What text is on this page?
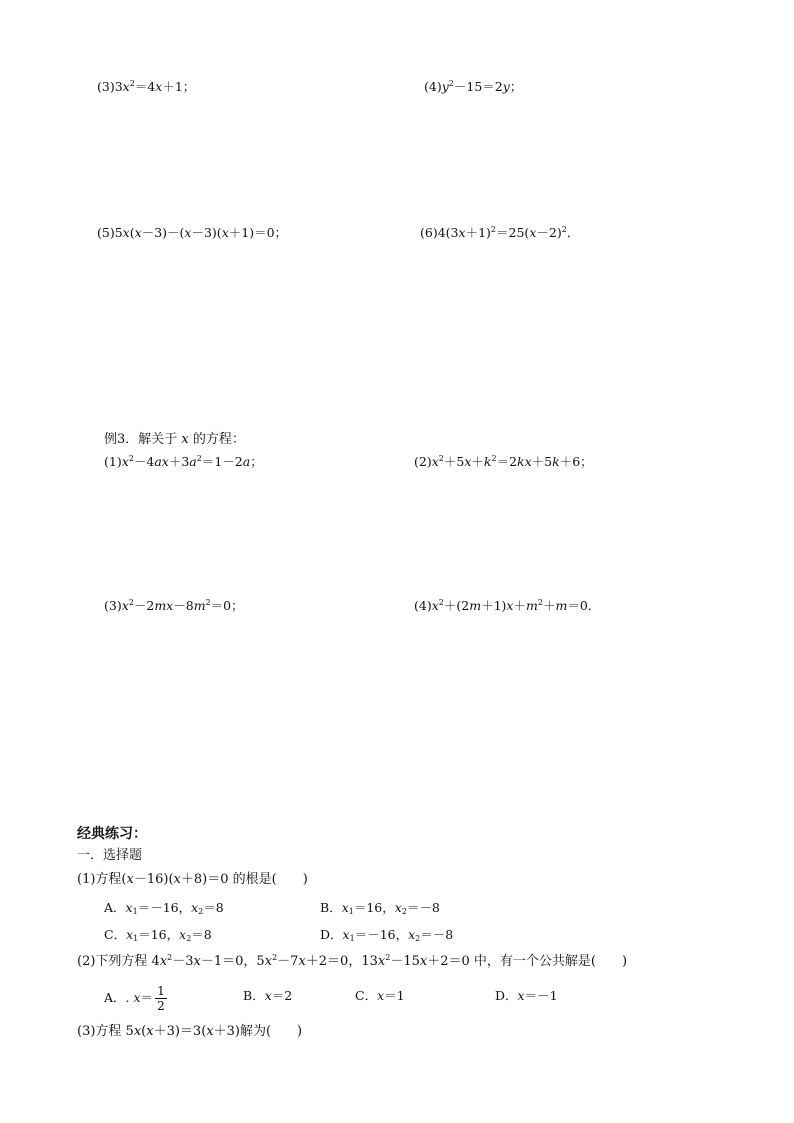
$(3)3x^2=4x+1$；	$(4)y^2-15=2y$；
(5)5x(x－3)－(x－3)(x＋1)＝0；	$(6)4(3x+1)^2=25(x-2)^2$．
例3．解关于 x 的方程：
$(1)x^2-4ax+3a^2=1-2a$；	$(2)x^2+5x+k^2=2kx+5k+6$；
$(3)x^2-2mx-8m^2=0$；	$(4)x^2+(2m+1)x+m^2+m=0$．
经典练习：
一．选择题
(1)方程(x－16)(x＋8)＝0 的根是(　　)
A．$x_1=-16$，$x_2=8$	B．$x_1=16$，$x_2=-8$
C．$x_1=16$，$x_2=8$	D．$x_1=-16$，$x_2=-8$
(2)下列方程 $4x^2-3x-1=0$，$5x^2-7x+2=0$，$13x^2-15x+2=0$ 中，有一个公共解是(　　)
A．. $x= \frac{1}{2}$	B．x＝2	C．x＝1	D．x＝－1
(3)方程 5x(x＋3)＝3(x＋3)解为(　　)
